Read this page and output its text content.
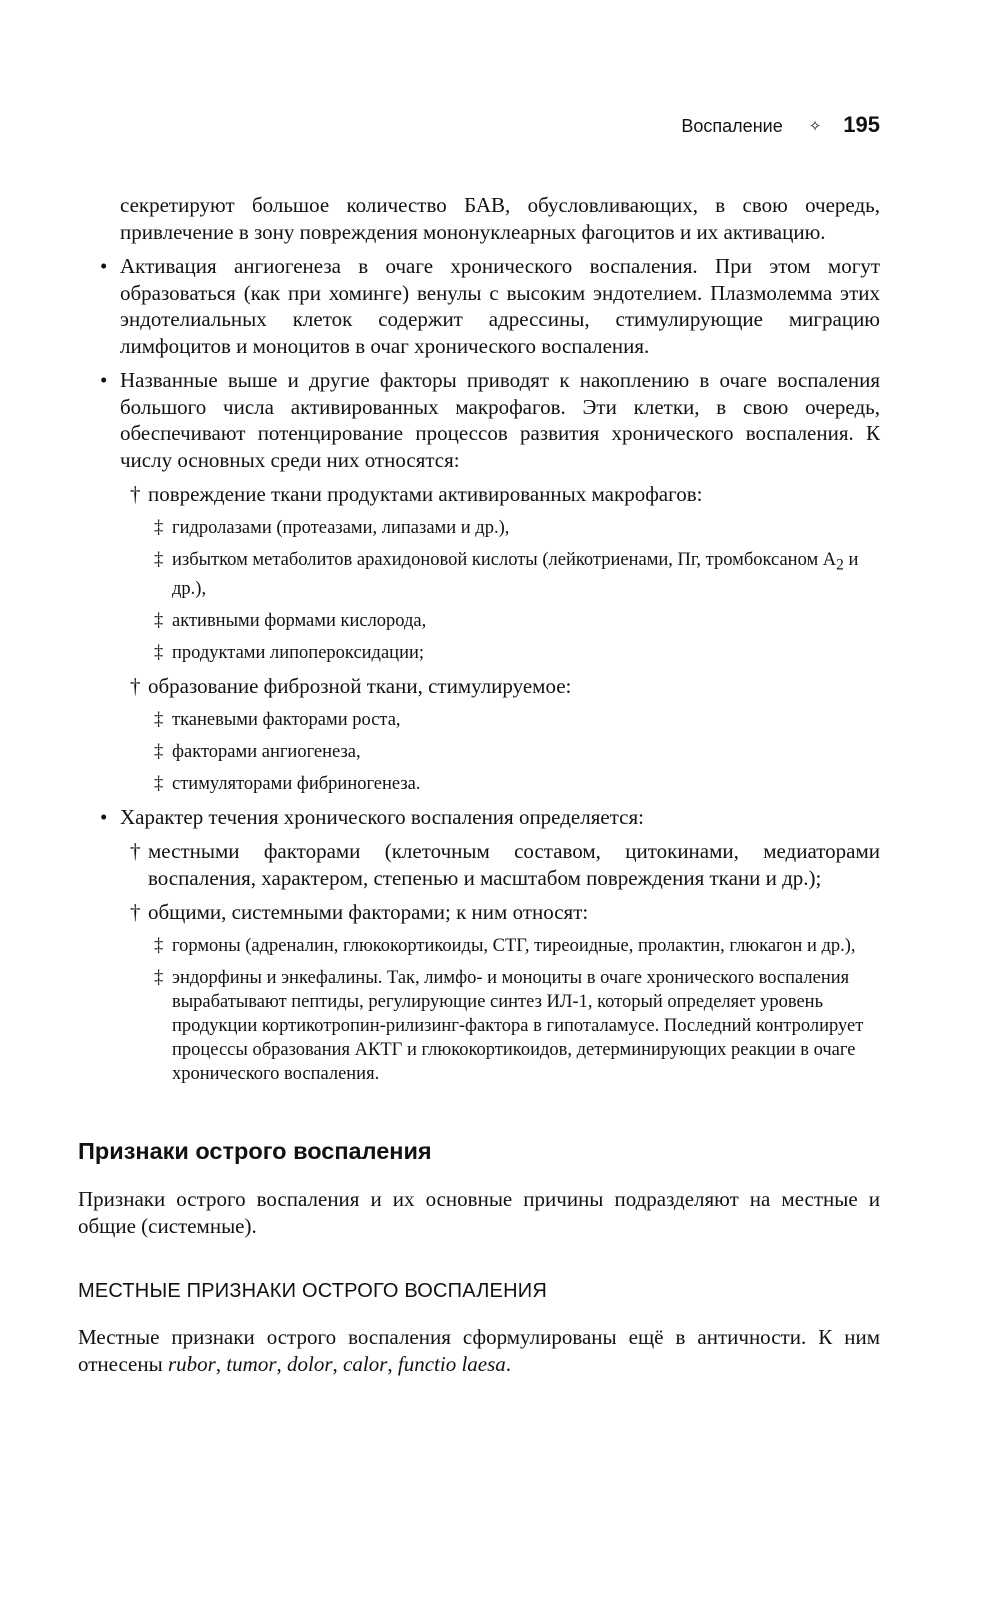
Воспаление ✧ 195

секретируют большое количество БАВ, обусловливающих, в свою очередь, привлечение в зону повреждения мононуклеарных фагоцитов и их активацию.

• Активация ангиогенеза в очаге хронического воспаления. При этом могут образоваться (как при хоминге) венулы с высоким эндотелием. Плазмолемма этих эндотелиальных клеток содержит адрессины, стимулирующие миграцию лимфоцитов и моноцитов в очаг хронического воспаления.
• Названные выше и другие факторы приводят к накоплению в очаге воспаления большого числа активированных макрофагов. Эти клетки, в свою очередь, обеспечивают потенцирование процессов развития хронического воспаления. К числу основных среди них относятся:
† повреждение ткани продуктами активированных макрофагов:
‡ гидролазами (протеазами, липазами и др.),
‡ избытком метаболитов арахидоновой кислоты (лейкотриенами, Пг, тромбоксаном $A_2$ и др.),
‡ активными формами кислорода,
‡ продуктами липопероксидации;
† образование фиброзной ткани, стимулируемое:
‡ тканевыми факторами роста,
‡ факторами ангиогенеза,
‡ стимуляторами фибриногенеза.
• Характер течения хронического воспаления определяется:
† местными факторами (клеточным составом, цитокинами, медиаторами воспаления, характером, степенью и масштабом повреждения ткани и др.);
† общими, системными факторами; к ним относят:
‡ гормоны (адреналин, глюкокортикоиды, СТГ, тиреоидные, пролактин, глюкагон и др.),
‡ эндорфины и энкефалины. Так, лимфо- и моноциты в очаге хронического воспаления вырабатывают пептиды, регулирующие синтез ИЛ-1, который определяет уровень продукции кортикотропин-рилизинг-фактора в гипоталамусе. Последний контролирует процессы образования АКТГ и глюкокортикоидов, детерминирующих реакции в очаге хронического воспаления.
Признаки острого воспаления

Признаки острого воспаления и их основные причины подразделяют на местные и общие (системные).

МЕСТНЫЕ ПРИЗНАКИ ОСТРОГО ВОСПАЛЕНИЯ

Местные признаки острого воспаления сформулированы ещё в античности. К ним отнесены rubor, tumor, dolor, calor, functio laesa.
